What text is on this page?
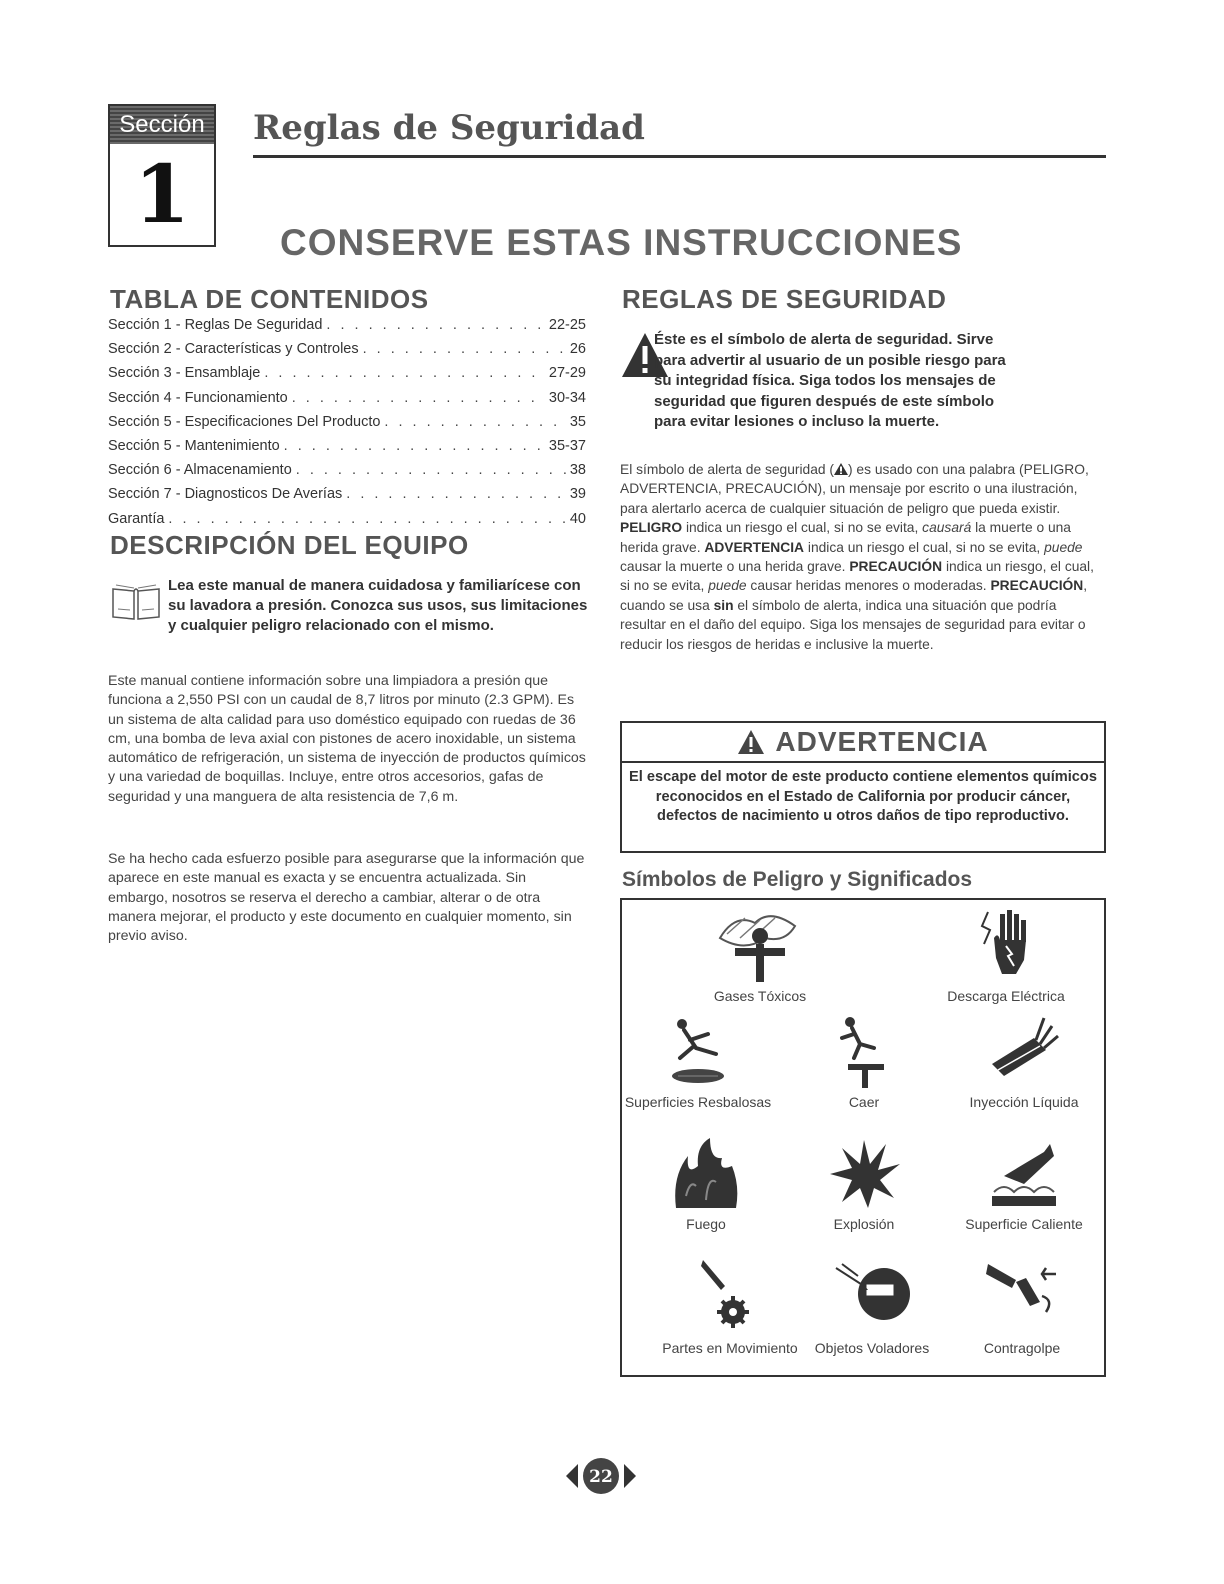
Sección
1
Reglas de Seguridad
CONSERVE ESTAS INSTRUCCIONES
TABLA DE CONTENIDOS
Sección 1 - Reglas De Seguridad . . .	22-25
Sección 2 - Características y Controles . . .	26
Sección 3 - Ensamblaje . . .	27-29
Sección 4 - Funcionamiento . . .	30-34
Sección 5 - Especificaciones Del Producto . . .	35
Sección 5 - Mantenimiento . . .	35-37
Sección 6 - Almacenamiento . . .	38
Sección 7 - Diagnosticos De Averías . . .	39
Garantía . . .	40
DESCRIPCIÓN DEL EQUIPO
Lea este manual de manera cuidadosa y familiarícese con su lavadora a presión. Conozca sus usos, sus limitaciones y cualquier peligro relacionado con el mismo.
Este manual contiene información sobre una limpiadora a presión que funciona a 2,550 PSI con un caudal de 8,7 litros por minuto (2.3 GPM). Es un sistema de alta calidad para uso doméstico equipado con ruedas de 36 cm, una bomba de leva axial con pistones de acero inoxidable, un sistema automático de refrigeración, un sistema de inyección de productos químicos y una variedad de boquillas. Incluye, entre otros accesorios, gafas de seguridad y una manguera de alta resistencia de 7,6 m.
Se ha hecho cada esfuerzo posible para asegurarse que la información que aparece en este manual es exacta y se encuentra actualizada. Sin embargo, nosotros se reserva el derecho a cambiar, alterar o de otra manera mejorar, el producto y este documento en cualquier momento, sin previo aviso.
REGLAS DE SEGURIDAD
Éste es el símbolo de alerta de seguridad. Sirve
para advertir al usuario de un posible riesgo para
su integridad física. Siga todos los mensajes de
seguridad que figuren después de este símbolo
para evitar lesiones o incluso la muerte.
El símbolo de alerta de seguridad ( ) es usado con una palabra (PELIGRO, ADVERTENCIA, PRECAUCIÓN), un mensaje por escrito o una ilustración, para alertarlo acerca de cualquier situación de peligro que pueda existir. PELIGRO indica un riesgo el cual, si no se evita, causará la muerte o una herida grave. ADVERTENCIA indica un riesgo el cual, si no se evita, puede causar la muerte o una herida grave. PRECAUCIÓN indica un riesgo, el cual, si no se evita, puede causar heridas menores o moderadas. PRECAUCIÓN, cuando se usa sin el símbolo de alerta, indica una situación que podría resultar en el daño del equipo. Siga los mensajes de seguridad para evitar o reducir los riesgos de heridas e inclusive la muerte.
ADVERTENCIA
El escape del motor de este producto contiene elementos químicos reconocidos en el Estado de California por producir cáncer, defectos de nacimiento u otros daños de tipo reproductivo.
Símbolos de Peligro y Significados
Gases Tóxicos	Descarga Eléctrica
Superficies Resbalosas	Caer	Inyección Líquida
Fuego	Explosión	Superficie Caliente
Partes en Movimiento	Objetos Voladores	Contragolpe
22
